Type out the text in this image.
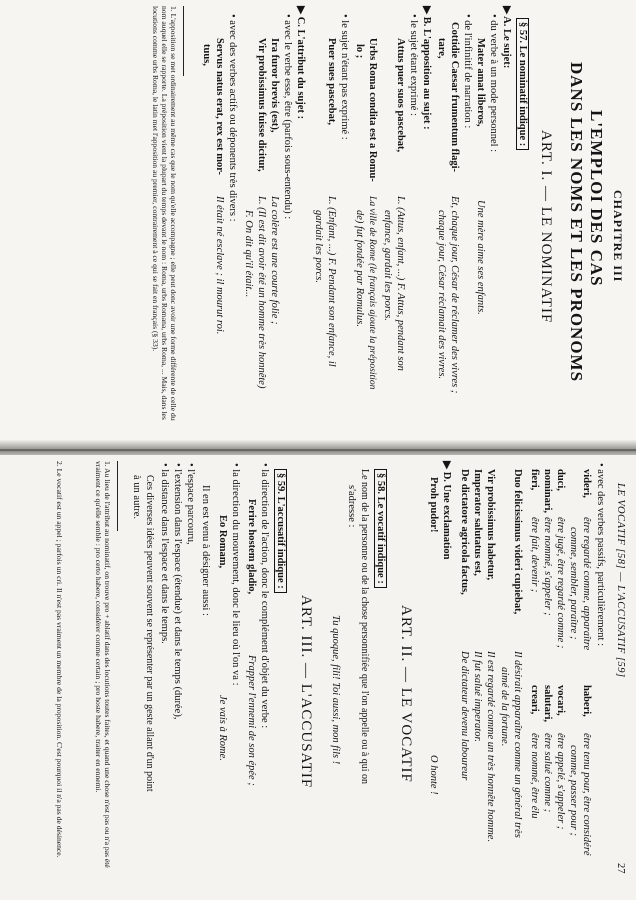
CHAPITRE III
L'EMPLOI DES CAS
DANS LES NOMS ET LES PRONOMS
ART. I. — LE NOMINATIF
§ 57. Le nominatif indique :
▶ A. Le sujet:
• du verbe à un mode personnel :
Mater amat liberos,
Une mère aime ses enfants.
• de l'infinitif de narration :
Cottidie Caesar frumentum flagi-
Et, chaque jour, César de réclamer des vivres ;
tare,
chaque jour, César réclamait des vivres.
▶ B. L'apposition au sujet :
• le sujet étant exprimé :
Attus puer suos pascebat,
L. (Attus, enfant, ...) F. Attus, pendant son
enfance, gardait les porcs.
Urbs Roma condita est a Romu-
La ville de Rome (le français ajoute la préposition
lo ;
de) fut fondée par Romulus.
• le sujet n'étant pas exprimé :
Puer sues pascebat,
L. (Enfant, ...) F. Pendant son enfance, il
gardait les porcs.
▶ C. L'attribut du sujet :
• avec le verbe esse, être (parfois sous-entendu) :
Ira furor brevis (est),
La colère est une courte folie ;
Vir probissimus fuisse dicitur,
L. (Il est dit avoir été un homme très honnête)
F. On dit qu'il était...
• avec des verbes actifs ou déponents très divers :
Servus natus erat, rex est mor-
Il était né esclave ; il mourut roi.
tuus,
1. L'apposition se met ordinairement au même cas que le nom qu'elle accompagne ; elle peut donc avoir une forme différente de celle du nom auquel elle se rapporte. La préposition vient la plupart du temps devant le nom : Roma, urbs Romana, urbs Roma, ... Mais, dans les locutions comme urbs Roma, le latin met l'apposition au premier, contrairement à ce qui se fait en français (§ 33).
LE VOCATIF [58] — L'ACCUSATIF [59]
27
• avec des verbes passifs, particulièrement :
videri,
être regardé comme, apparaître
haberi,
être tenu pour, être considéré
comme, sembler, paraître ;
comme, passer pour ;
duci,
être jugé, être regardé comme ;
vocari,
être appelé, s'appeler ;
nominari,
être nommé, s'appeler ;
salutari,
être salué comme ;
fieri,
être fait, devenir ;
creari,
être nommé, être élu
Duo felicissimus videri cupiebat,
Il désirait apparaître comme un général très
aimé de la fortune.
Vir probissimus habetur,
Il est regardé comme un très honnête homme.
Imperator salutatus est,
Il fut salué imperator.
De dictatore agricola factus,
De dictateur devenu laboureur
▶ D. Une exclamation
Proh pudor!
O honte !
ART. II. — LE VOCATIF
§ 58. Le vocatif indique :
Le nom de la personne ou de la chose personnifiée que l'on appelle ou à qui on
s'adresse :
Tu quoque, fili! Toi aussi, mon fils !
ART. III. — L'ACCUSATIF
§ 59. L'accusatif indique :
• la direction de l'action, donc le complément d'objet du verbe :
Ferire hostem gladio,
Frapper l'ennemi de son épée ;
• la direction du mouvement, donc le lieu où l'on va :
Eo Romam,
Je vais à Rome.
Il en est venu à désigner aussi :
• l'espace parcouru,
• l'extension dans l'espace (étendue) et dans le temps (durée),
• la distance dans l'espace et dans le temps.
Ces diverses idées peuvent souvent se représenter par un geste allant d'un point
à un autre.
1. Au lieu de l'attribut au nominatif, on trouve pro + ablatif dans des locutions toutes faites, et quand une chose n'est pas ou n'a pas été vraiment ce qu'elle semble : pro certo habere, considérer comme certain ; pro hoste habere, traiter en ennemi.
2. Le vocatif est un appel ; parfois un cri. Il n'est pas vraiment un membre de la proposition. C'est pourquoi il n'a pas de désinence.
